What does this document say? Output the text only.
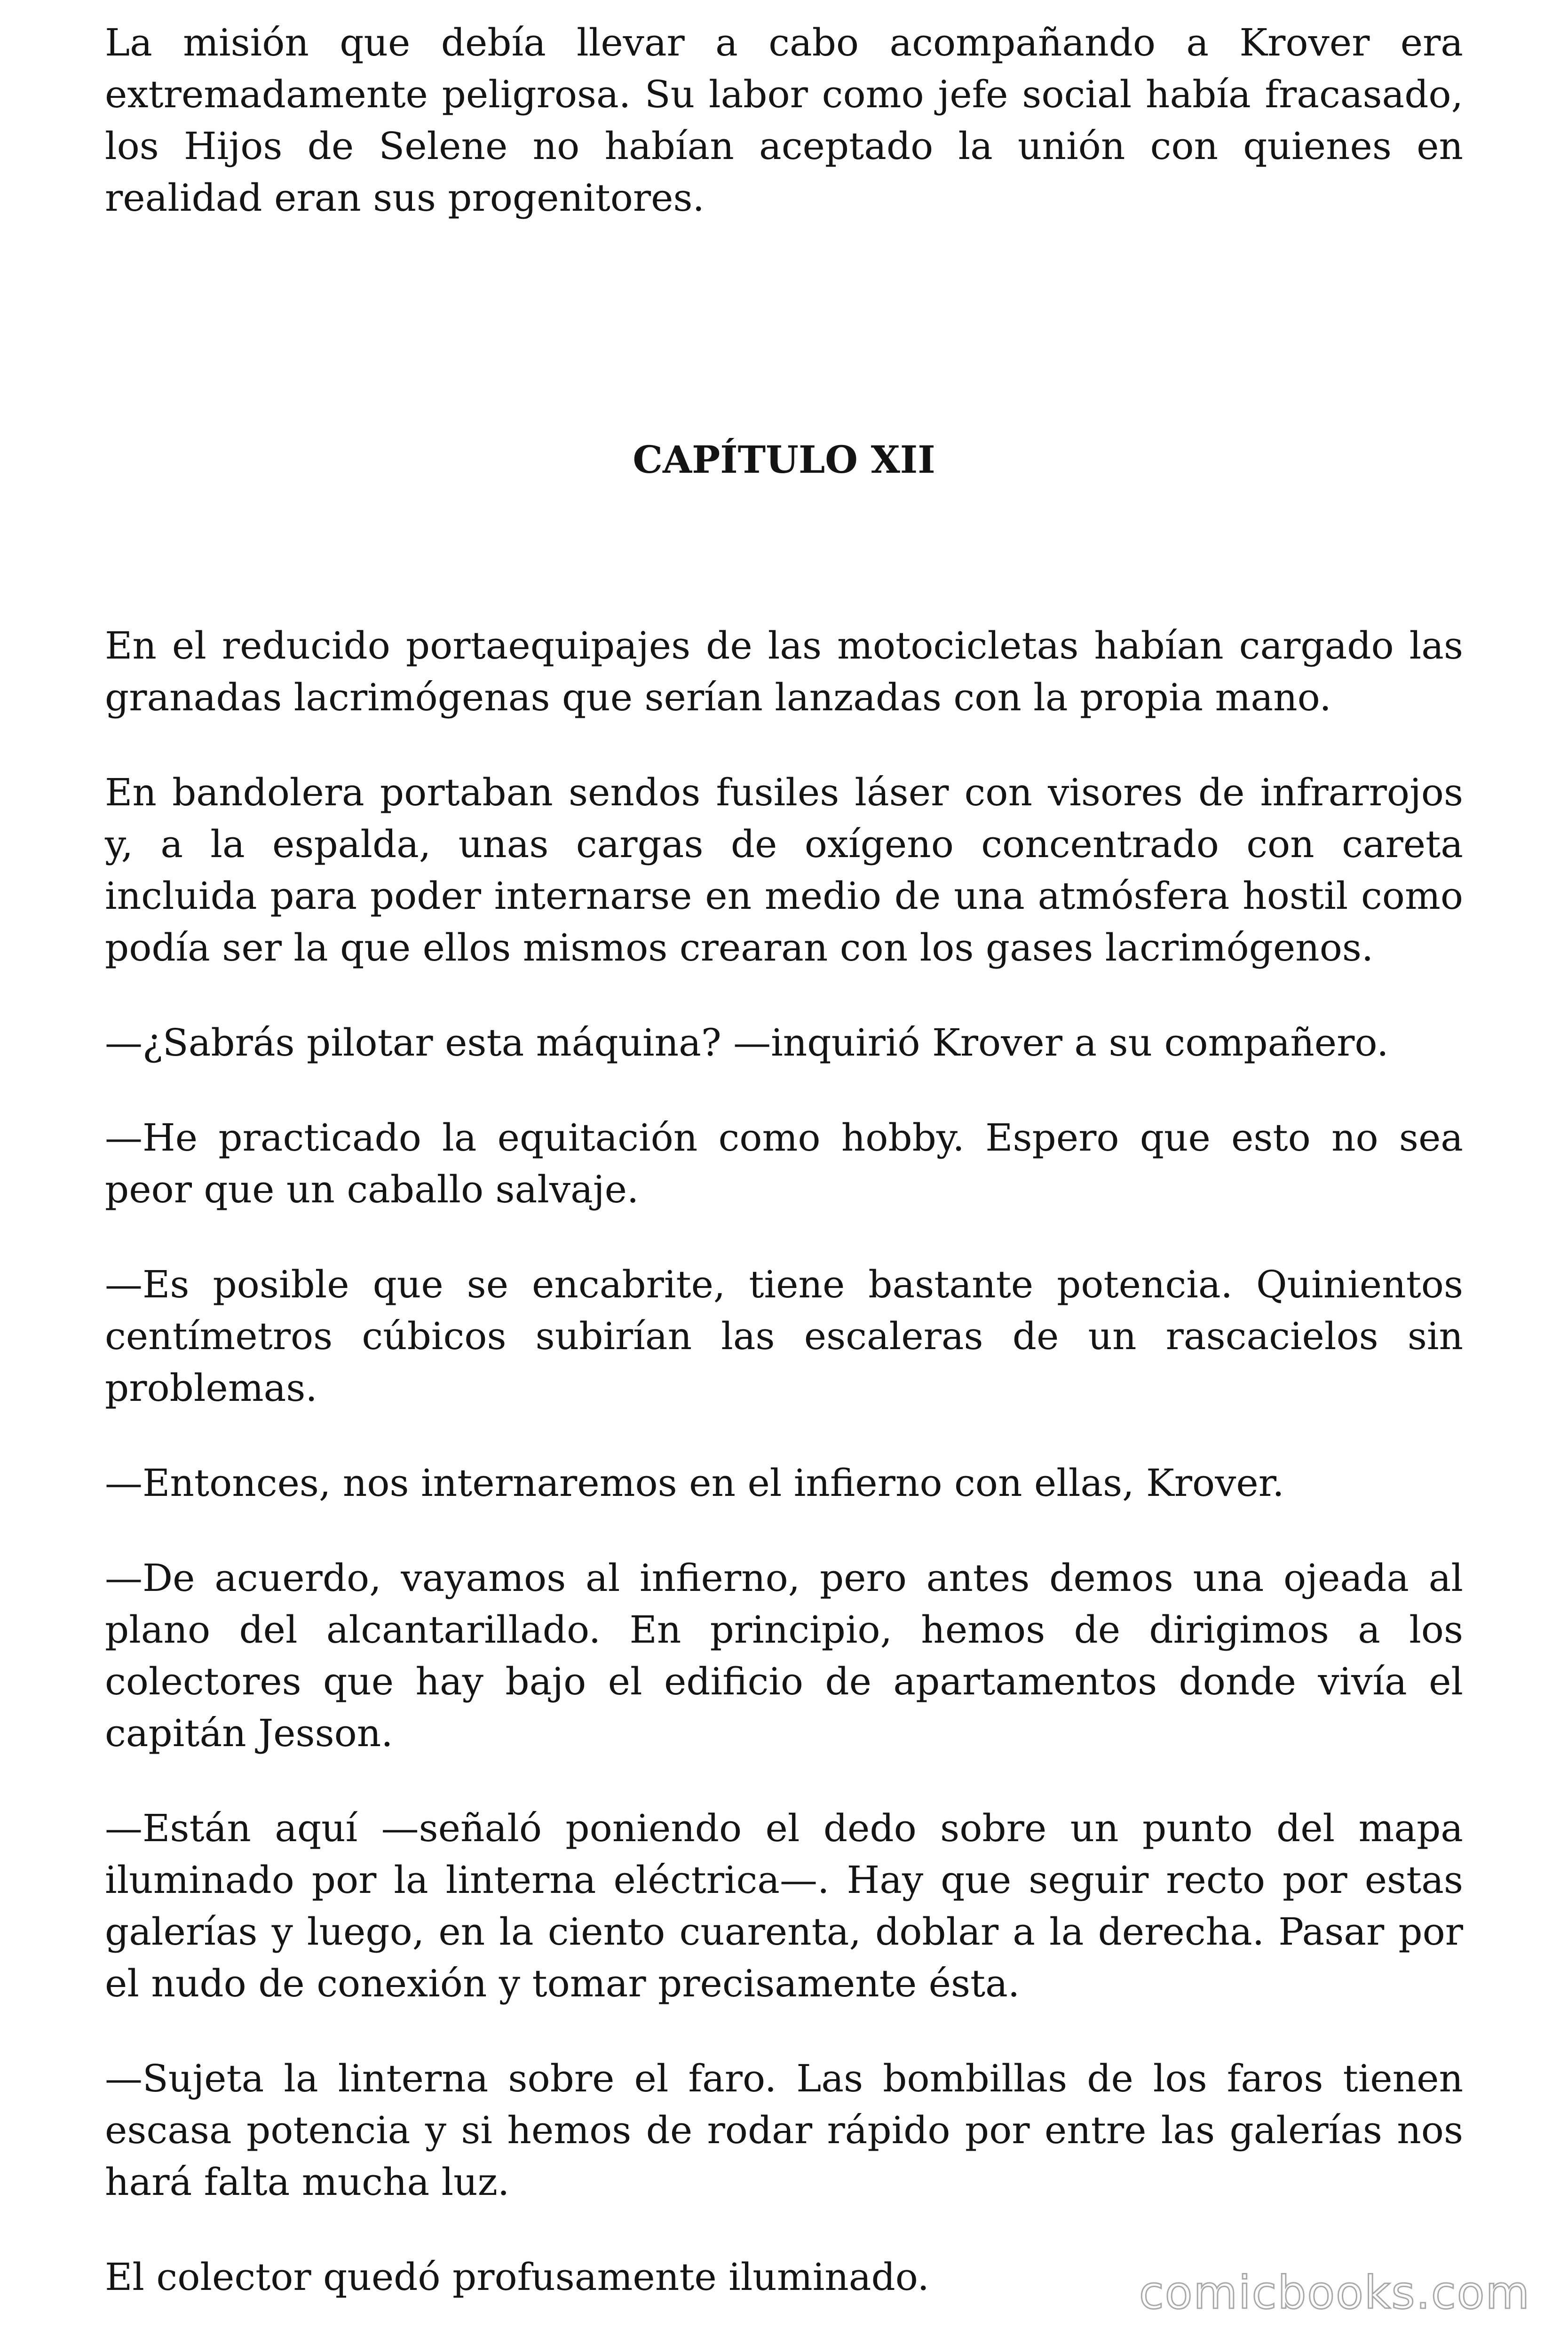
La misión que debía llevar a cabo acompañando a Krover era extremadamente peligrosa. Su labor como jefe social había fracasado, los Hijos de Selene no habían aceptado la unión con quienes en realidad eran sus progenitores.

CAPÍTULO XII

En el reducido portaequipajes de las motocicletas habían cargado las granadas lacrimógenas que serían lanzadas con la propia mano.

En bandolera portaban sendos fusiles láser con visores de infrarrojos y, a la espalda, unas cargas de oxígeno concentrado con careta incluida para poder internarse en medio de una atmósfera hostil como podía ser la que ellos mismos crearan con los gases lacrimógenos.

—¿Sabrás pilotar esta máquina? —inquirió Krover a su compañero.

—He practicado la equitación como hobby. Espero que esto no sea peor que un caballo salvaje.

—Es posible que se encabrite, tiene bastante potencia. Quinientos centímetros cúbicos subirían las escaleras de un rascacielos sin problemas.

—Entonces, nos internaremos en el infierno con ellas, Krover.

—De acuerdo, vayamos al infierno, pero antes demos una ojeada al plano del alcantarillado. En principio, hemos de dirigimos a los colectores que hay bajo el edificio de apartamentos donde vivía el capitán Jesson.

—Están aquí —señaló poniendo el dedo sobre un punto del mapa iluminado por la linterna eléctrica—. Hay que seguir recto por estas galerías y luego, en la ciento cuarenta, doblar a la derecha. Pasar por el nudo de conexión y tomar precisamente ésta.

—Sujeta la linterna sobre el faro. Las bombillas de los faros tienen escasa potencia y si hemos de rodar rápido por entre las galerías nos hará falta mucha luz.

El colector quedó profusamente iluminado.	comicbooks.com
